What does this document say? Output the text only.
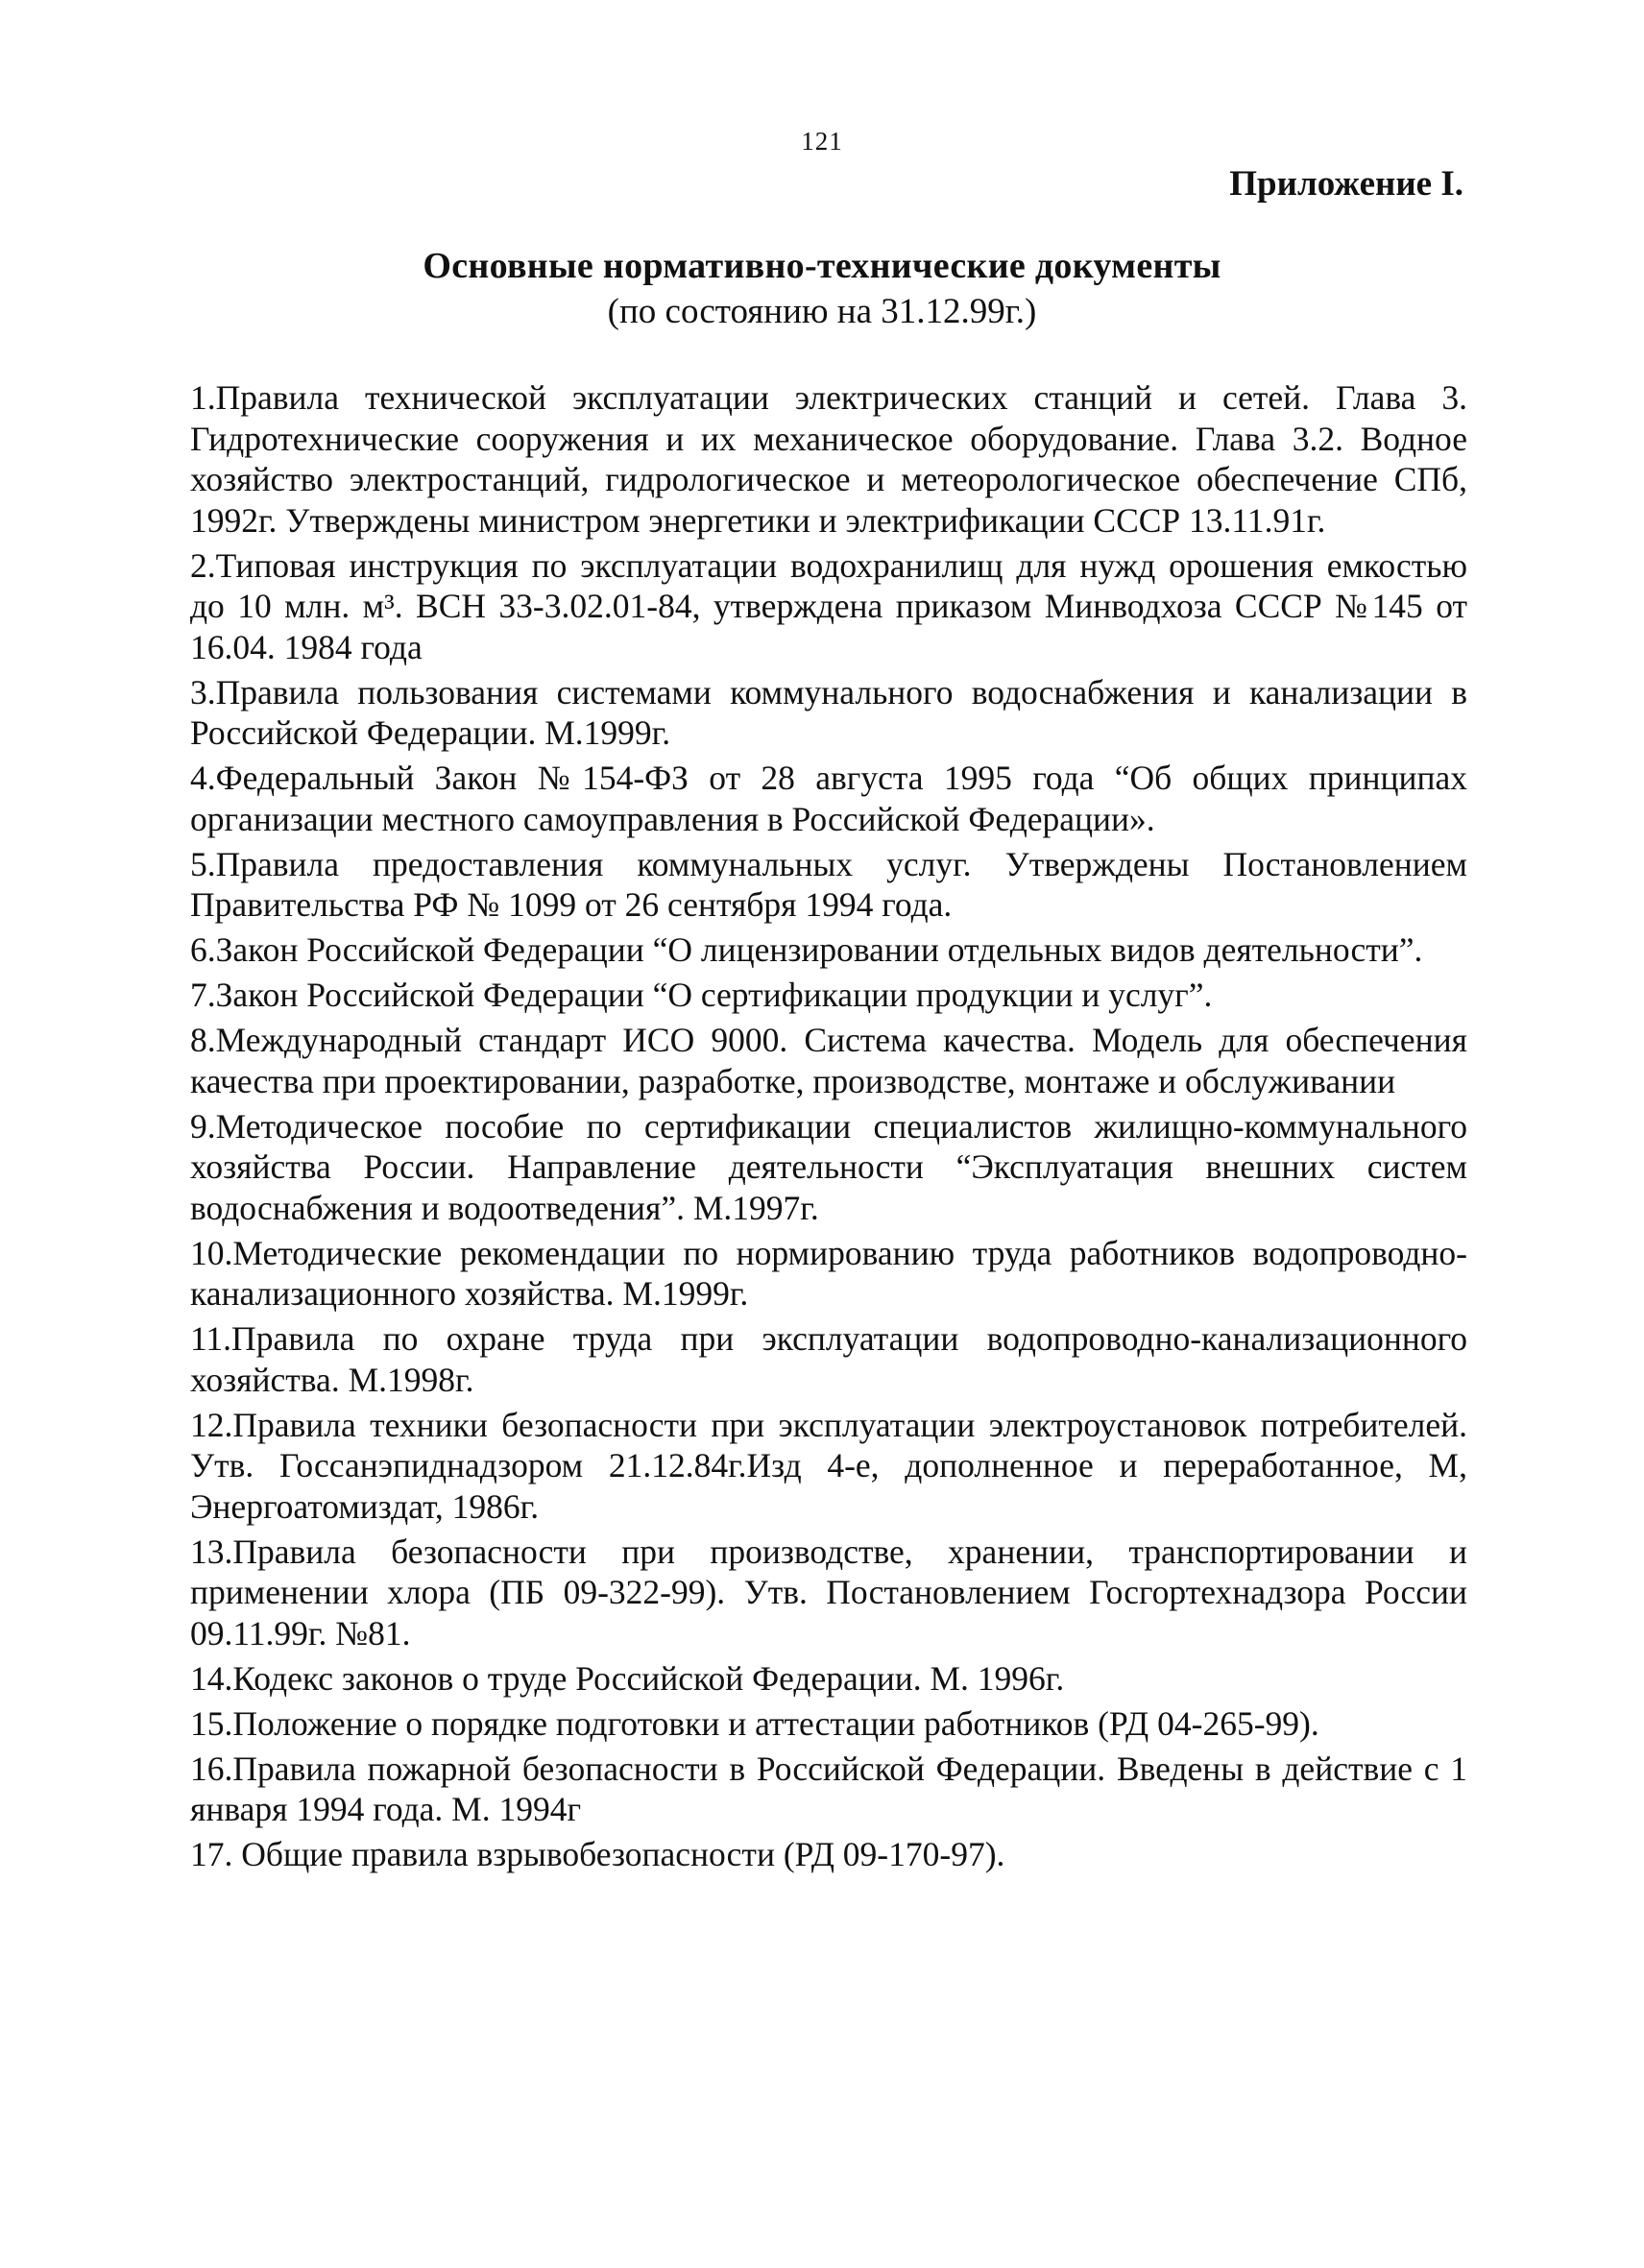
121
Приложение I.
Основные нормативно-технические документы
(по состоянию на 31.12.99г.)
1.Правила технической эксплуатации электрических станций и сетей. Глава 3. Гидротехнические сооружения и их механическое оборудование. Глава 3.2. Водное хозяйство электростанций, гидрологическое и метеорологическое обеспечение СПб, 1992г. Утверждены министром энергетики и электрификации СССР 13.11.91г.
2.Типовая инструкция по эксплуатации водохранилищ для нужд орошения емкостью до 10 млн. м³. ВСН 33-3.02.01-84, утверждена приказом Минводхоза СССР №145 от 16.04. 1984 года
3.Правила пользования системами коммунального водоснабжения и канализации в Российской Федерации. М.1999г.
4.Федеральный Закон №154-ФЗ от 28 августа 1995 года “Об общих принципах организации местного самоуправления в Российской Федерации».
5.Правила предоставления коммунальных услуг. Утверждены Постановлением Правительства РФ № 1099 от 26 сентября 1994 года.
6.Закон Российской Федерации “О лицензировании отдельных видов деятельности”.
7.Закон Российской Федерации “О сертификации продукции и услуг”.
8.Международный стандарт ИСО 9000. Система качества. Модель для обеспечения качества при проектировании, разработке, производстве, монтаже и обслуживании
9.Методическое пособие по сертификации специалистов жилищно-коммунального хозяйства России. Направление деятельности “Эксплуатация внешних систем водоснабжения и водоотведения”. М.1997г.
10.Методические рекомендации по нормированию труда работников водопроводно-канализационного хозяйства. М.1999г.
11.Правила по охране труда при эксплуатации водопроводно-канализационного хозяйства. М.1998г.
12.Правила техники безопасности при эксплуатации электроустановок потребителей. Утв. Госсанэпиднадзором 21.12.84г.Изд 4-е, дополненное и переработанное, М, Энергоатомиздат, 1986г.
13.Правила безопасности при производстве, хранении, транспортировании и применении хлора (ПБ 09-322-99). Утв. Постановлением Госгортехнадзора России 09.11.99г. №81.
14.Кодекс законов о труде Российской Федерации. М. 1996г.
15.Положение о порядке подготовки и аттестации работников (РД 04-265-99).
16.Правила пожарной безопасности в Российской Федерации. Введены в действие с 1 января 1994 года. М. 1994г
17. Общие правила взрывобезопасности (РД 09-170-97).
